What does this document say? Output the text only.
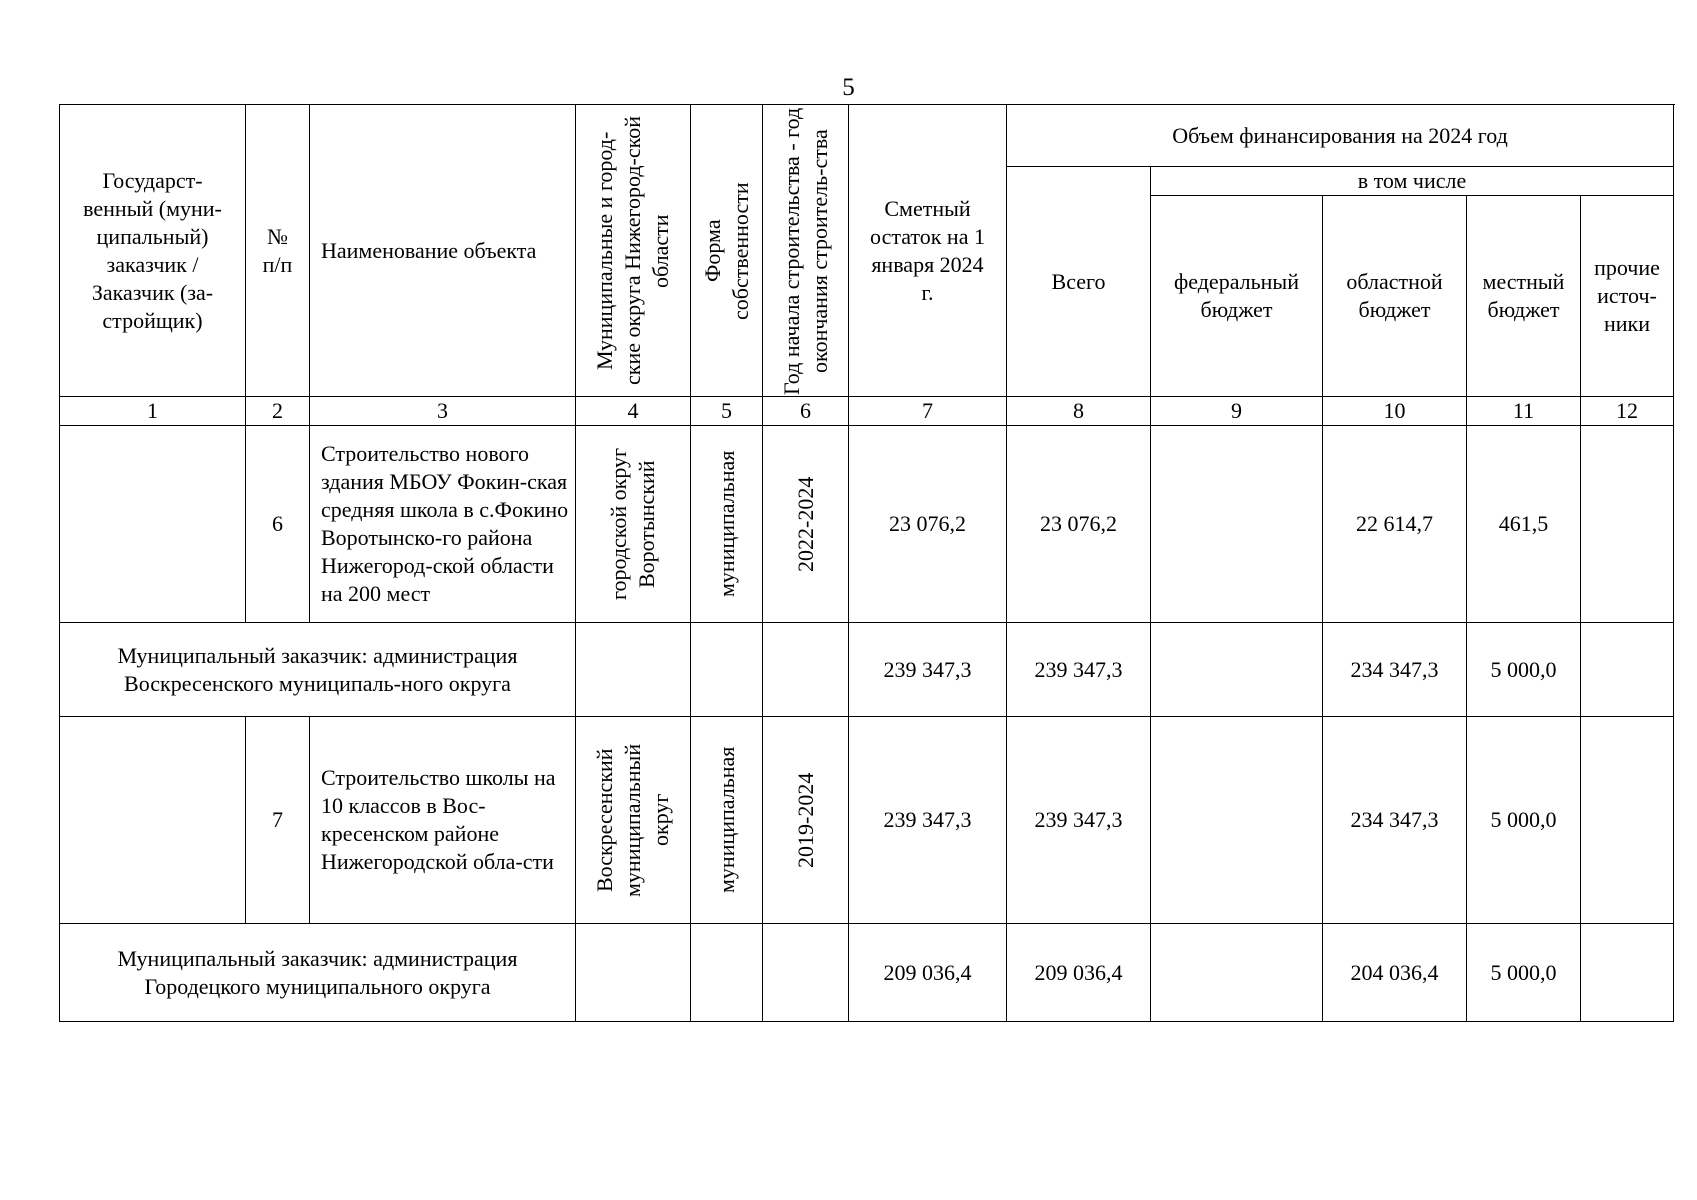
5
Государст-венный (муни-ципальный) заказчик / Заказчик (за-стройщик)	№ п/п	Наименование объекта	Муниципальные и город-ские округа Нижегород-ской области	Форма собственности	Год начала строительства - год окончания строитель-ства	Сметный остаток на 1 января 2024 г.	Объем финансирования на 2024 год				
							Всего	в том числе			

								федеральный бюджет	областной бюджет	местный бюджет	прочие источ-ники

1	2	3	4	5	6	7	8	9	10	11	12
	6	Строительство нового здания МБОУ Фокин-ская средняя школа в с.Фокино Воротынско-го района Нижегород-ской области на 200 мест	городской округ Воротынский	муниципальная	2022-2024	23 076,2	23 076,2		22 614,7	461,5	

Муниципальный заказчик: администрация Воскресенского муниципаль-ного округа						239 347,3	239 347,3		234 347,3	5 000,0	
	7	Строительство школы на 10 классов в Вос-кресенском районе Нижегородской обла-сти	Воскресенский муниципальный округ	муниципальная	2019-2024	239 347,3	239 347,3		234 347,3	5 000,0	

Муниципальный заказчик: администрация Городецкого муниципального округа						209 036,4	209 036,4		204 036,4	5 000,0	
